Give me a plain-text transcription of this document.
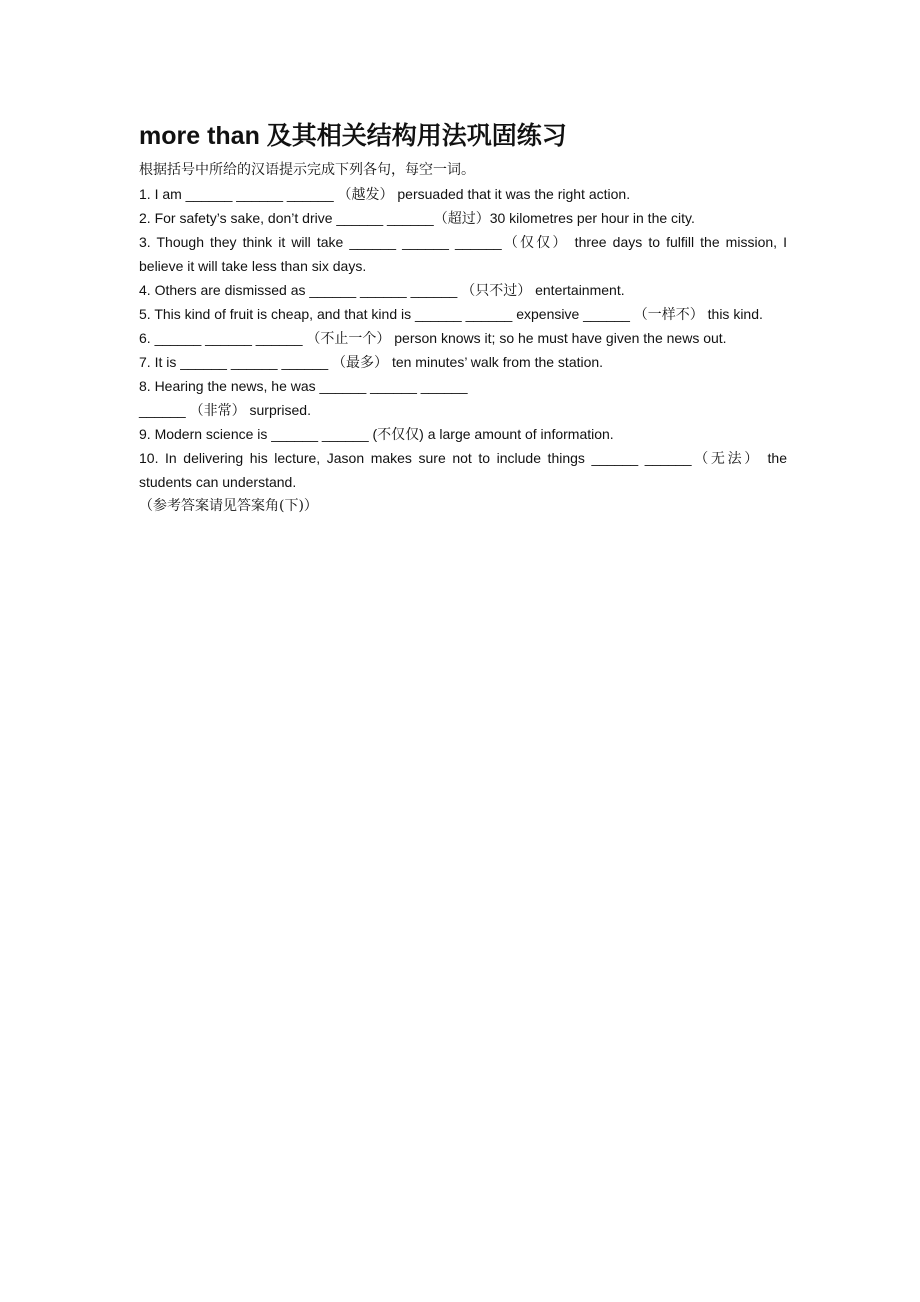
more than 及其相关结构用法巩固练习
根据括号中所给的汉语提示完成下列各句，每空一词。
1. I am ______ ______ ______ （越发） persuaded that it was the right action.
2. For safety’s sake, don’t drive ______ ______（超过）30 kilometres per hour in the city.
3. Though they think it will take ______ ______ ______（仅仅） three days to fulfill the mission, I believe it will take less than six days.
4. Others are dismissed as ______ ______ ______ （只不过） entertainment.
5. This kind of fruit is cheap, and that kind is ______ ______ expensive ______ （一样不） this kind.
6. ______ ______ ______ （不止一个） person knows it; so he must have given the news out.
7. It is ______ ______ ______ （最多） ten minutes’ walk from the station.
8. Hearing the news, he was ______ ______ ______
______ （非常） surprised.
9. Modern science is ______ ______ (不仅仅) a large amount of information.
10. In delivering his lecture, Jason makes sure not to include things ______ ______（无法） the students can understand.
（参考答案请见答案角(下)）
